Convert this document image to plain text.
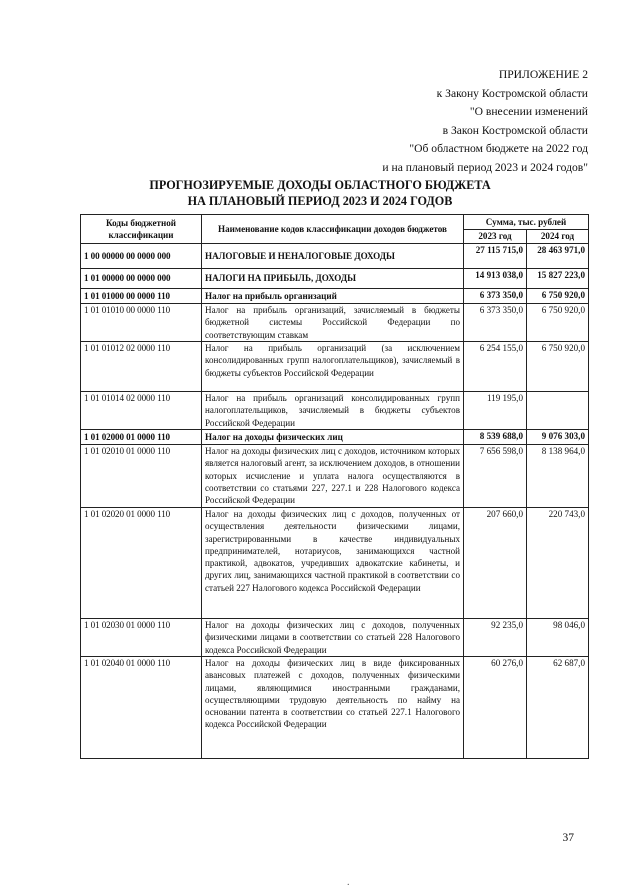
ПРИЛОЖЕНИЕ 2
к Закону Костромской области
"О внесении изменений
в Закон Костромской области
"Об областном бюджете на 2022 год
и на плановый период 2023 и 2024 годов"
ПРОГНОЗИРУЕМЫЕ ДОХОДЫ ОБЛАСТНОГО БЮДЖЕТА
НА ПЛАНОВЫЙ ПЕРИОД 2023 И 2024 ГОДОВ
Коды бюджетной классификации	Наименование кодов классификации доходов бюджетов	Сумма, тыс. рублей	
		2023 год	2024 год
1 00 00000 00 0000 000	НАЛОГОВЫЕ И НЕНАЛОГОВЫЕ ДОХОДЫ	27 115 715,0	28 463 971,0
1 01 00000 00 0000 000	НАЛОГИ НА ПРИБЫЛЬ, ДОХОДЫ	14 913 038,0	15 827 223,0
1 01 01000 00 0000 110	Налог на прибыль организаций	6 373 350,0	6 750 920,0
1 01 01010 00 0000 110	Налог на прибыль организаций, зачисляемый в бюджеты бюджетной системы Российской Федерации по соответствующим ставкам	6 373 350,0	6 750 920,0
1 01 01012 02 0000 110	Налог на прибыль организаций (за исключением консолидированных групп налогоплательщиков), зачисляемый в бюджеты субъектов Российской Федерации	6 254 155,0	6 750 920,0
1 01 01014 02 0000 110	Налог на прибыль организаций консолидированных групп налогоплательщиков, зачисляемый в бюджеты субъектов Российской Федерации	119 195,0	
1 01 02000 01 0000 110	Налог на доходы физических лиц	8 539 688,0	9 076 303,0
1 01 02010 01 0000 110	Налог на доходы физических лиц с доходов, источником которых является налоговый агент, за исключением доходов, в отношении которых исчисление и уплата налога осуществляются в соответствии со статьями 227, 227.1 и 228 Налогового кодекса Российской Федерации	7 656 598,0	8 138 964,0
1 01 02020 01 0000 110	Налог на доходы физических лиц с доходов, полученных от осуществления деятельности физическими лицами, зарегистрированными в качестве индивидуальных предпринимателей, нотариусов, занимающихся частной практикой, адвокатов, учредивших адвокатские кабинеты, и других лиц, занимающихся частной практикой в соответствии со статьей 227 Налогового кодекса Российской Федерации	207 660,0	220 743,0
1 01 02030 01 0000 110	Налог на доходы физических лиц с доходов, полученных физическими лицами в соответствии со статьей 228 Налогового кодекса Российской Федерации	92 235,0	98 046,0
1 01 02040 01 0000 110	Налог на доходы физических лиц в виде фиксированных авансовых платежей с доходов, полученных физическими лицами, являющимися иностранными гражданами, осуществляющими трудовую деятельность по найму на основании патента в соответствии со статьей 227.1 Налогового кодекса Российской Федерации	60 276,0	62 687,0
37
.
